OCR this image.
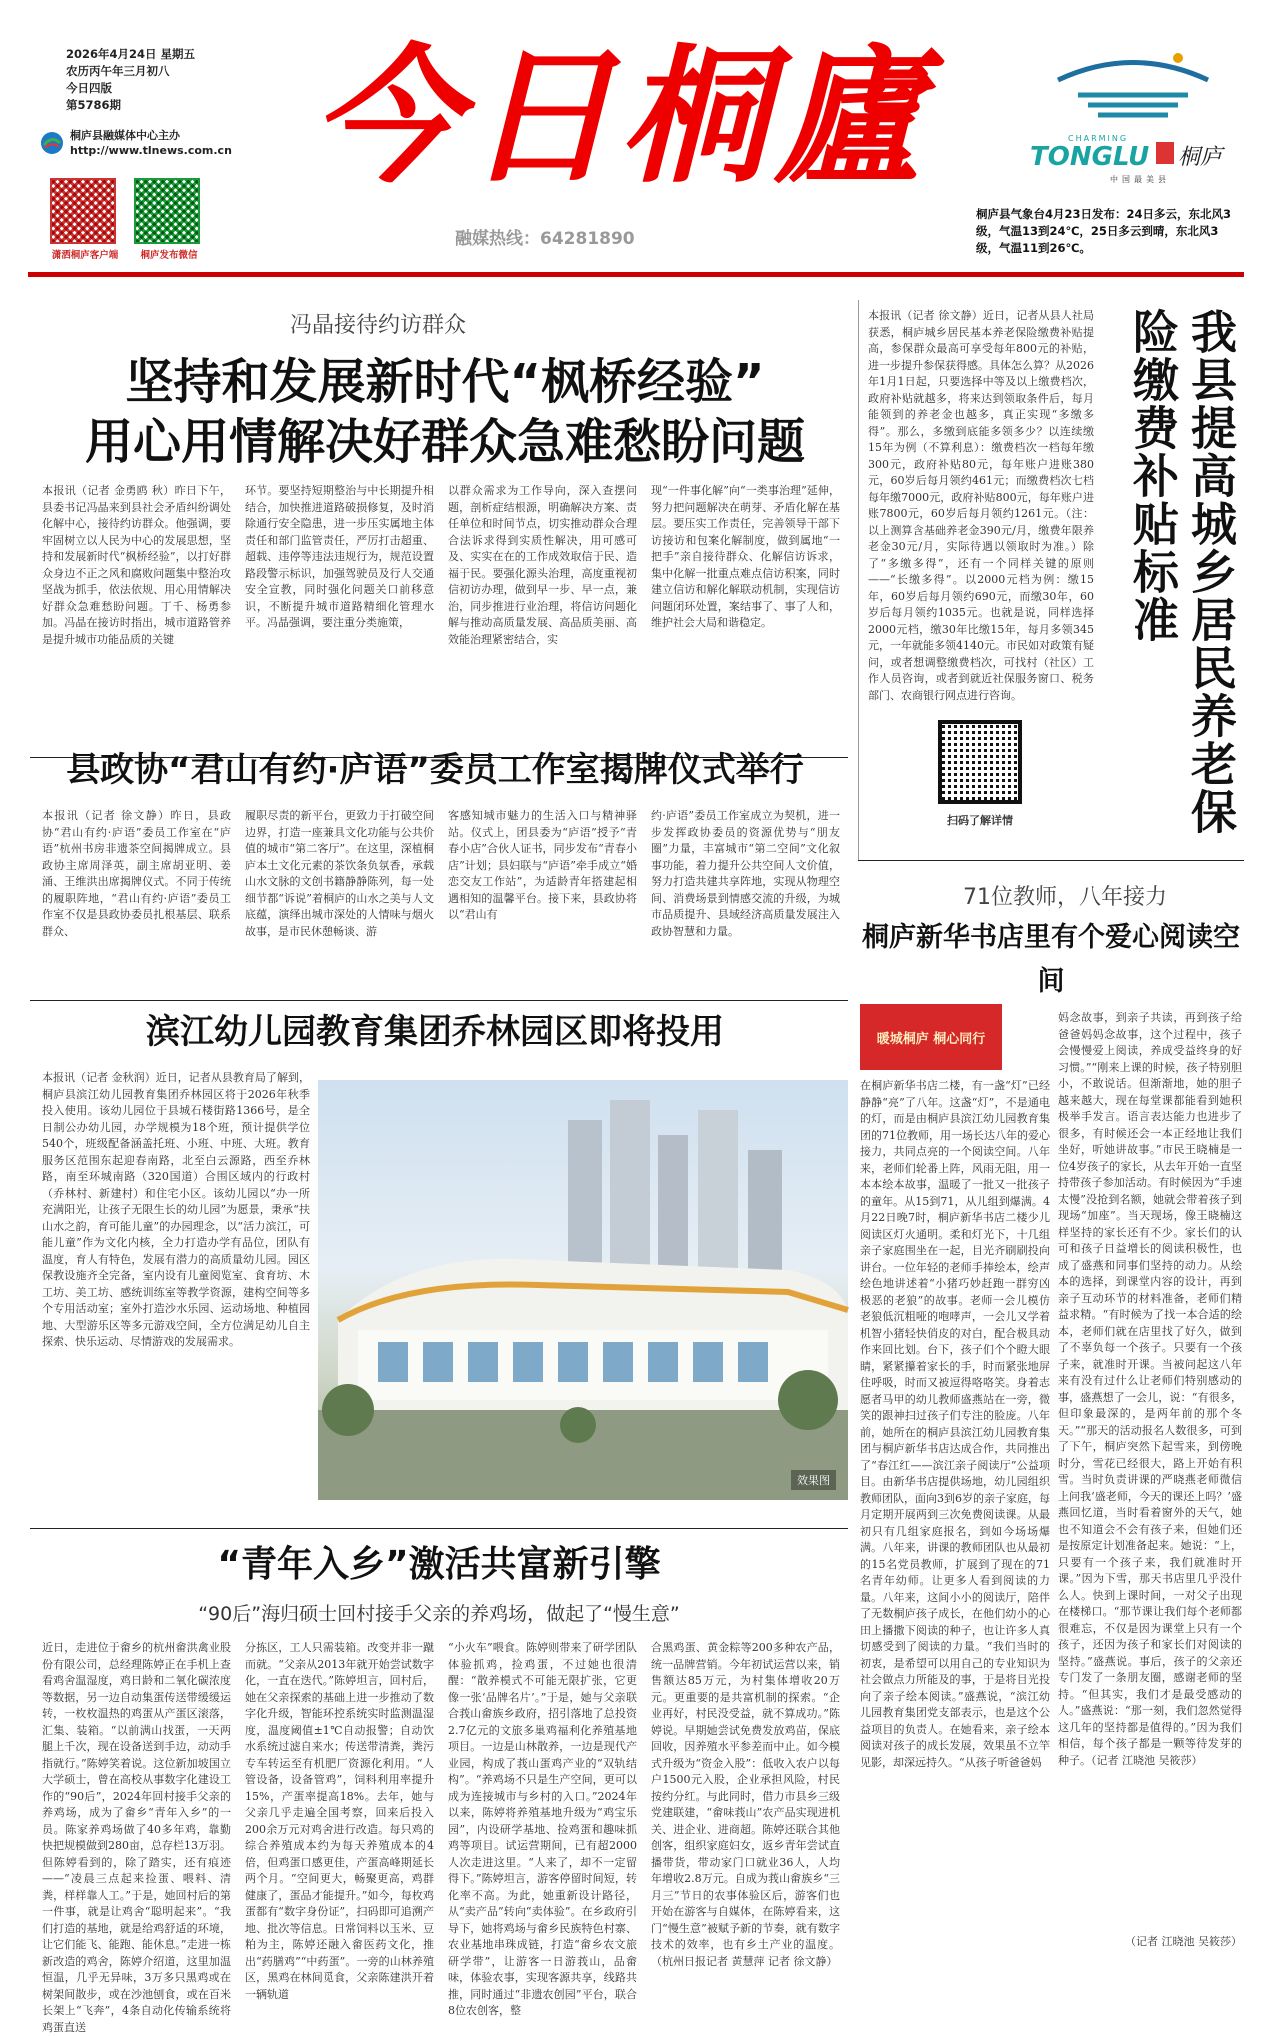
2026年4月24日 星期五
农历丙午年三月初八
今日四版
第5786期
桐庐县融媒体中心主办
http://www.tlnews.com.cn
潇洒桐庐客户端	桐庐发布微信
今日桐廬
融媒热线：64281890
CHARMING
TONGLU 桐庐
中国最美县
桐庐县气象台4月23日发布：24日多云，东北风3级，气温13到24℃，25日多云到晴，东北风3级，气温11到26℃。
冯晶接待约访群众
坚持和发展新时代“枫桥经验”
用心用情解决好群众急难愁盼问题
本报讯（记者 金勇鸥 秋）昨日下午，县委书记冯晶来到县社会矛盾纠纷调处化解中心，接待约访群众。他强调，要牢固树立以人民为中心的发展思想，坚持和发展新时代“枫桥经验”，以打好群众身边不正之风和腐败问题集中整治攻坚战为抓手，依法依规、用心用情解决好群众急难愁盼问题。丁千、杨勇参加。冯晶在接访时指出，城市道路管养是提升城市功能品质的关键
环节。要坚持短期整治与中长期提升相结合，加快推进道路破损修复，及时消除通行安全隐患，进一步压实属地主体责任和部门监管责任，严厉打击超重、超载、违停等违法违规行为，规范设置路段警示标识，加强驾驶员及行人交通安全宣教，同时强化问题关口前移意识，不断提升城市道路精细化管理水平。冯晶强调，要注重分类施策，
以群众需求为工作导向，深入查摆问题，剖析症结根源，明确解决方案、责任单位和时间节点，切实推动群众合理合法诉求得到实质性解决，用可感可及、实实在在的工作成效取信于民、造福于民。要强化源头治理，高度重视初信初访办理，做到早一步、早一点，兼治，同步推进行业治理，将信访问题化解与推动高质量发展、高品质美丽、高效能治理紧密结合，实
现“一件事化解”向“一类事治理”延伸，努力把问题解决在萌芽、矛盾化解在基层。要压实工作责任，完善领导干部下访接访和包案化解制度，做到属地“一把手”亲自接待群众、化解信访诉求，集中化解一批重点难点信访积案，同时建立信访和解化解联动机制，实现信访问题闭环处置，案结事了、事了人和，维护社会大局和谐稳定。
本报讯（记者 徐文静）近日，记者从县人社局获悉，桐庐城乡居民基本养老保险缴费补贴提高，参保群众最高可享受每年800元的补贴，进一步提升参保获得感。具体怎么算？从2026年1月1日起，只要选择中等及以上缴费档次，政府补贴就越多，将来达到领取条件后，每月能领到的养老金也越多，真正实现“多缴多得”。那么，多缴到底能多领多少？以连续缴15年为例（不算利息）：缴费档次一档每年缴300元，政府补贴80元，每年账户进账380元，60岁后每月领约461元；而缴费档次七档每年缴7000元，政府补贴800元，每年账户进账7800元，60岁后每月领约1261元。（注：以上测算含基础养老金390元/月，缴费年限养老金30元/月，实际待遇以领取时为准。）除了“多缴多得”，还有一个同样关键的原则——“长缴多得”。以2000元档为例：缴15年，60岁后每月领约690元，而缴30年，60岁后每月领约1035元。也就是说，同样选择2000元档，缴30年比缴15年，每月多领345元，一年就能多领4140元。市民如对政策有疑问，或者想调整缴费档次，可找村（社区）工作人员咨询，或者到就近社保服务窗口、税务部门、农商银行网点进行咨询。	我县提高城乡居民养老保险缴费补贴标准
扫码了解详情
县政协“君山有约·庐语”委员工作室揭牌仪式举行
本报讯（记者 徐文静）昨日，县政协“君山有约·庐语”委员工作室在“庐语”杭州书房非遗茶空间揭牌成立。县政协主席周泽英，副主席胡亚明、姜涌、王维洪出席揭牌仪式。不同于传统的履职阵地，“君山有约·庐语”委员工作室不仅是县政协委员扎根基层、联系群众、
履职尽责的新平台，更致力于打破空间边界，打造一座兼具文化功能与公共价值的城市“第二客厅”。在这里，深植桐庐本土文化元素的茶饮条负氛香，承载山水文脉的文创书籍静静陈列，每一处细节都“诉说”着桐庐的山水之美与人文底蕴，演绎出城市深处的人情味与烟火故事，是市民休憩畅谈、游
客感知城市魅力的生活入口与精神驿站。仪式上，团县委为“庐语”授予“青春小店”合伙人证书，同步发布“青春小店”计划；县妇联与“庐语”牵手成立“婚恋交友工作站”，为适龄青年搭建起相遇相知的温馨平台。接下来，县政协将以“君山有
约·庐语”委员工作室成立为契机，进一步发挥政协委员的资源优势与“朋友圈”力量，丰富城市“第二空间”文化叙事功能，着力提升公共空间人文价值，努力打造共建共享阵地，实现从物理空间、消费场景到情感交流的升级，为城市品质提升、县域经济高质量发展注入政协智慧和力量。
滨江幼儿园教育集团乔林园区即将投用
本报讯（记者 金秋润）近日，记者从县教育局了解到，桐庐县滨江幼儿园教育集团乔林园区将于2026年秋季投入使用。该幼儿园位于县城石楼街路1366号，是全日制公办幼儿园，办学规模为18个班，预计提供学位540个，班级配备涵盖托班、小班、中班、大班。教育服务区范围东起迎春南路，北至白云源路，西至乔林路，南至环城南路（320国道）合围区域内的行政村（乔林村、新建村）和住宅小区。该幼儿园以“办一所充满阳光，让孩子无限生长的幼儿园”为愿景，秉承“扶山水之韵，育可能儿童”的办园理念，以“活力滨江，可能儿童”作为文化内核，全力打造办学有品位，团队有温度，育人有特色，发展有潜力的高质量幼儿园。园区保教设施齐全完备，室内设有儿童阅览室、食育坊、木工坊、美工坊、感统训练室等教学资源，建构空间等多个专用活动室；室外打造沙水乐园、运动场地、种植园地、大型游乐区等多元游戏空间，全方位满足幼儿自主探索、快乐运动、尽情游戏的发展需求。
效果图
71位教师，八年接力
桐庐新华书店里有个爱心阅读空间
暖城桐庐 桐心同行
在桐庐新华书店二楼，有一盏“灯”已经静静“亮”了八年。这盏“灯”，不是通电的灯，而是由桐庐县滨江幼儿园教育集团的71位教师，用一场长达八年的爱心接力，共同点亮的一个阅读空间。八年来，老师们轮番上阵，风雨无阻，用一本本绘本故事，温暖了一批又一批孩子的童年。从15到71，从儿组到爆满。4月22日晚7时，桐庐新华书店二楼少儿阅读区灯火通明。柔和灯光下，十几组亲子家庭围坐在一起，目光齐刷刷投向讲台。一位年轻的老师手捧绘本，绘声绘色地讲述着“小猪巧妙赶跑一群穷凶极恶的老狼”的故事。老师一会儿模仿老狼低沉粗哑的咆哮声，一会儿又学着机智小猪轻快俏皮的对白，配合极具动作来回比划。台下，孩子们个个瞪大眼睛，紧紧攥着家长的手，时而紧张地屏住呼吸，时而又被逗得咯咯笑。身着志愿者马甲的幼儿教师盛燕站在一旁，微笑的跟神扫过孩子们专注的脸庞。八年前，她所在的桐庐县滨江幼儿园教育集团与桐庐新华书店达成合作，共同推出了“春江红——滨江亲子阅读厅”公益项目。由新华书店提供场地，幼儿园组织教师团队，面向3到6岁的亲子家庭，每月定期开展两到三次免费阅读课。从最初只有几组家庭报名，到如今场场爆满。八年来，讲课的教师团队也从最初的15名党员教师，扩展到了现在的71名青年幼师。让更多人看到阅读的力量。八年来，这间小小的阅读厅，陪伴了无数桐庐孩子成长，在他们幼小的心田上播撒下阅读的种子，也让许多人真切感受到了阅读的力量。“我们当时的初衷，是希望可以用自己的专业知识为社会做点力所能及的事，于是将目光投向了亲子绘本阅读。”盛燕说，“滨江幼儿园教育集团党支部表示，也是这个公益项目的负责人。在她看来，亲子绘本阅读对孩子的成长发展，效果虽不立竿见影，却深远持久。“从孩子听爸爸妈
妈念故事，到亲子共读，再到孩子给爸爸妈妈念故事，这个过程中，孩子会慢慢爱上阅读，养成受益终身的好习惯。”“刚来上课的时候，孩子特别胆小，不敢说话。但渐渐地，她的胆子越来越大，现在每堂课都能看到她积极举手发言。语言表达能力也进步了很多，有时候还会一本正经地让我们坐好，听她讲故事。”市民王晓楠是一位4岁孩子的家长，从去年开始一直坚持带孩子参加活动。有时候因为“手速太慢”没抢到名额，她就会带着孩子到现场“加座”。当天现场，像王晓楠这样坚持的家长还有不少。家长们的认可和孩子日益增长的阅读积极性，也成了盛燕和同事们坚持的动力。从绘本的选择，到课堂内容的设计，再到亲子互动环节的材料准备，老师们精益求精。“有时候为了找一本合适的绘本，老师们就在店里找了好久，做到了不辜负每一个孩子。只要有一个孩子来，就准时开课。当被问起这八年来有没有过什么让老师们特别感动的事，盛燕想了一会儿，说：“有很多，但印象最深的，是两年前的那个冬天。”“那天的活动报名人数很多，可到了下午，桐庐突然下起雪来，到傍晚时分，雪花已经很大，路上开始有积雪。当时负责讲课的严晓燕老师微信上问我‘盛老师，今天的课还上吗？’盛燕回忆道，当时看着窗外的天气，她也不知道会不会有孩子来，但她们还是按原定计划准备起来。她说：“上，只要有一个孩子来，我们就准时开课。”因为下雪，那天书店里几乎没什么人。快到上课时间，一对父子出现在楼梯口。“那节课让我们每个老师都很难忘，不仅是因为课堂上只有一个孩子，还因为孩子和家长们对阅读的坚持。”盛燕说。事后，孩子的父亲还专门发了一条朋友圈，感谢老师的坚持。“但其实，我们才是最受感动的人。”盛燕说：“那一刻，我们忽然觉得这几年的坚持都是值得的。”因为我们相信，每个孩子都是一颗等待发芽的种子。（记者 江晓池 吴筱莎）
（记者 江晓池 吴筱莎）
“青年入乡”激活共富新引擎
“90后”海归硕士回村接手父亲的养鸡场，做起了“慢生意”
近日，走进位于畲乡的杭州畲洪禽业股份有限公司，总经理陈婷正在手机上查看鸡舍温湿度，鸡日龄和二氧化碳浓度等数据，另一边自动集蛋传送带缓缓运转，一枚枚温热的鸡蛋从产蛋区滚落，汇集、装箱。“以前满山找蛋，一天两腿上千次，现在设备送到手边，动动手指就行。”陈婷笑着说。这位新加坡国立大学硕士，曾在高校从事数字化建设工作的“90后”，2024年回村接手父亲的养鸡场，成为了畲乡“青年入乡”的一员。陈家养鸡场做了40多年鸡，靠勤快把规模做到280亩，总存栏13万羽。但陈婷看到的，除了踏实，还有痕迹——“凌晨三点起来捡蛋、喂料、清粪，样样靠人工。”于是，她回村后的第一件事，就是让鸡舍“聪明起来”。“我们打造的基地，就是给鸡舒适的环境，让它们能飞、能跑、能休息。”走进一栋新改造的鸡舍，陈婷介绍道，这里加温恒温，几乎无异味，3万多只黑鸡或在树架间散步，或在沙池刨食，或在百米长架上“飞奔”，4条自动化传输系统将鸡蛋直送
分拣区，工人只需装箱。改变并非一蹴而就。“父亲从2013年就开始尝试数字化，一直在迭代。”陈婷坦言，回村后，她在父亲探索的基础上进一步推动了数字化升级，智能环控系统实时监测温湿度，温度阈值±1℃自动报警；自动饮水系统过滤自来水；传送带清粪，粪污专车转运至有机肥厂资源化利用。“人管设备，设备管鸡”，饲料利用率提升15%，产蛋率提高18%。去年，她与父亲几乎走遍全国考察，回来后投入200余万元对鸡舍进行改造。每只鸡的综合养殖成本约为每天养殖成本的4倍，但鸡蛋口感更佳，产蛋高峰期延长两个月。“空间更大，畅聚更高，鸡群健康了，蛋品才能提升。”如今，每枚鸡蛋都有“数字身份证”，扫码即可追溯产地、批次等信息。日常饲料以玉米、豆粕为主，陈婷还融入畲医药文化，推出“药膳鸡”“中药蛋”。一旁的山林养殖区，黑鸡在林间觅食，父亲陈建洪开着一辆轨道
“小火车”喂食。陈婷则带来了研学团队体验抓鸡，捡鸡蛋，不过她也很清醒：“散养模式不可能无限扩张，它更像一张‘品牌名片’。”于是，她与父亲联合莪山畲族乡政府，招引落地了总投资2.7亿元的文旅多巢鸡福利化养殖基地项目。一边是山林散养，一边是现代产业园，构成了莪山蛋鸡产业的“双轨结构”。“养鸡场不只是生产空间，更可以成为连接城市与乡村的入口。”2024年以来，陈婷将养殖基地升级为“鸡宝乐园”，内设研学基地、捡鸡蛋和趣味抓鸡等项目。试运营期间，已有超2000人次走进这里。“人来了，却不一定留得下。”陈婷坦言，游客停留时间短，转化率不高。为此，她重新设计路径，从“卖产品”转向“卖体验”。在乡政府引导下，她将鸡场与畲乡民族特色村寨、农业基地串珠成链，打造“畲乡农文旅研学带”，让游客一日游莪山，品畲味，体验农事，实现客源共享，线路共推，同时通过“非遗农创园”平台，联合8位农创客，整
合黑鸡蛋、黄金粽等200多种农产品，统一品牌营销。今年初试运营以来，销售额达85万元，为村集体增收20万元。更重要的是共富机制的探索。“企业再好，村民没受益，就不算成功。”陈婷说。早期她尝试免费发放鸡苗，保底回收，因养殖水平参差而中止。如今模式升级为“资金入股”：低收入农户以每户1500元入股，企业承担风险，村民按约分红。与此同时，借力市县乡三级党建联建，“畲味莪山”农产品实现进机关、进企业、进商超。陈婷还联合其他创客，组织家庭妇女，返乡青年尝试直播带货，带动家门口就业36人，人均年增收2.8万元。自成为莪山畲族乡“三月三”节日的农事体验区后，游客们也开始在游客与自媒体，在陈婷看来，这门“慢生意”被赋予新的节奏，就有数字技术的效率，也有乡土产业的温度。（杭州日报记者 黄慧萍 记者 徐文静）
